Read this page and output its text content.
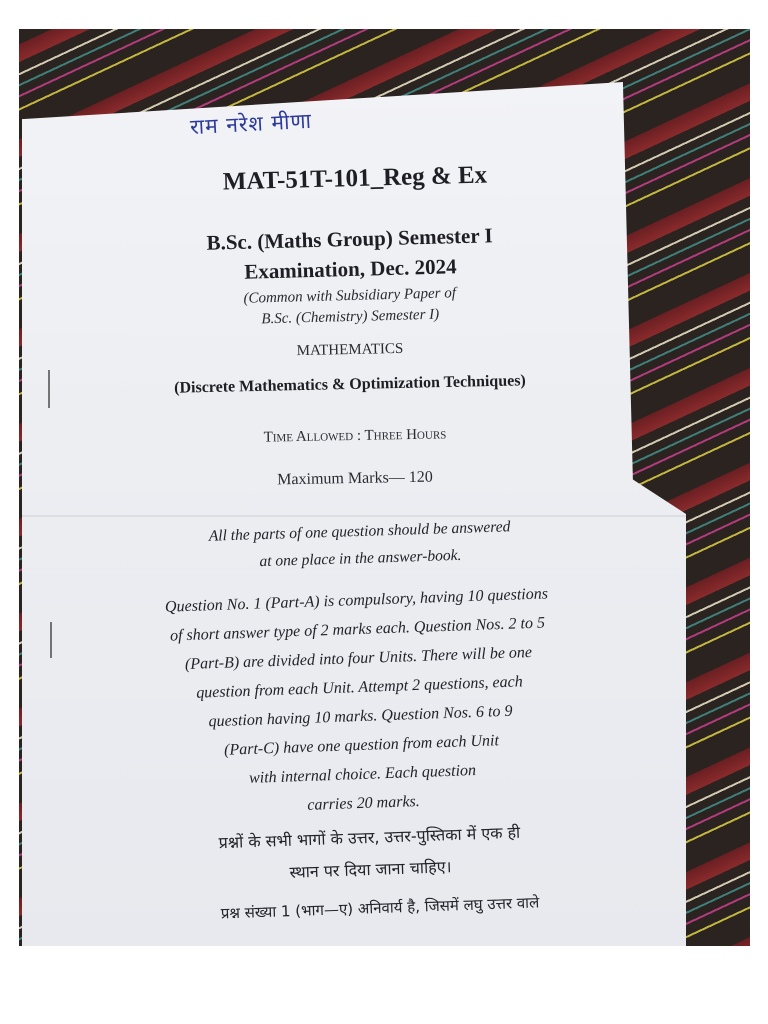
राम नरेश मीणा
MAT-51T-101_Reg & Ex
B.Sc. (Maths Group) Semester I
Examination, Dec. 2024
(Common with Subsidiary Paper of
B.Sc. (Chemistry) Semester I)
MATHEMATICS
(Discrete Mathematics & Optimization Techniques)
Time Allowed : Three Hours
Maximum Marks— 120
All the parts of one question should be answered
at one place in the answer-book.
Question No. 1 (Part-A) is compulsory, having 10 questions
of short answer type of 2 marks each. Question Nos. 2 to 5
(Part-B) are divided into four Units. There will be one
question from each Unit. Attempt 2 questions, each
question having 10 marks. Question Nos. 6 to 9
(Part-C) have one question from each Unit
with internal choice. Each question
carries 20 marks.
प्रश्नों के सभी भागों के उत्तर, उत्तर-पुस्तिका में एक ही
स्थान पर दिया जाना चाहिए।
प्रश्न संख्या 1 (भाग—ए) अनिवार्य है, जिसमें लघु उत्तर वाले
